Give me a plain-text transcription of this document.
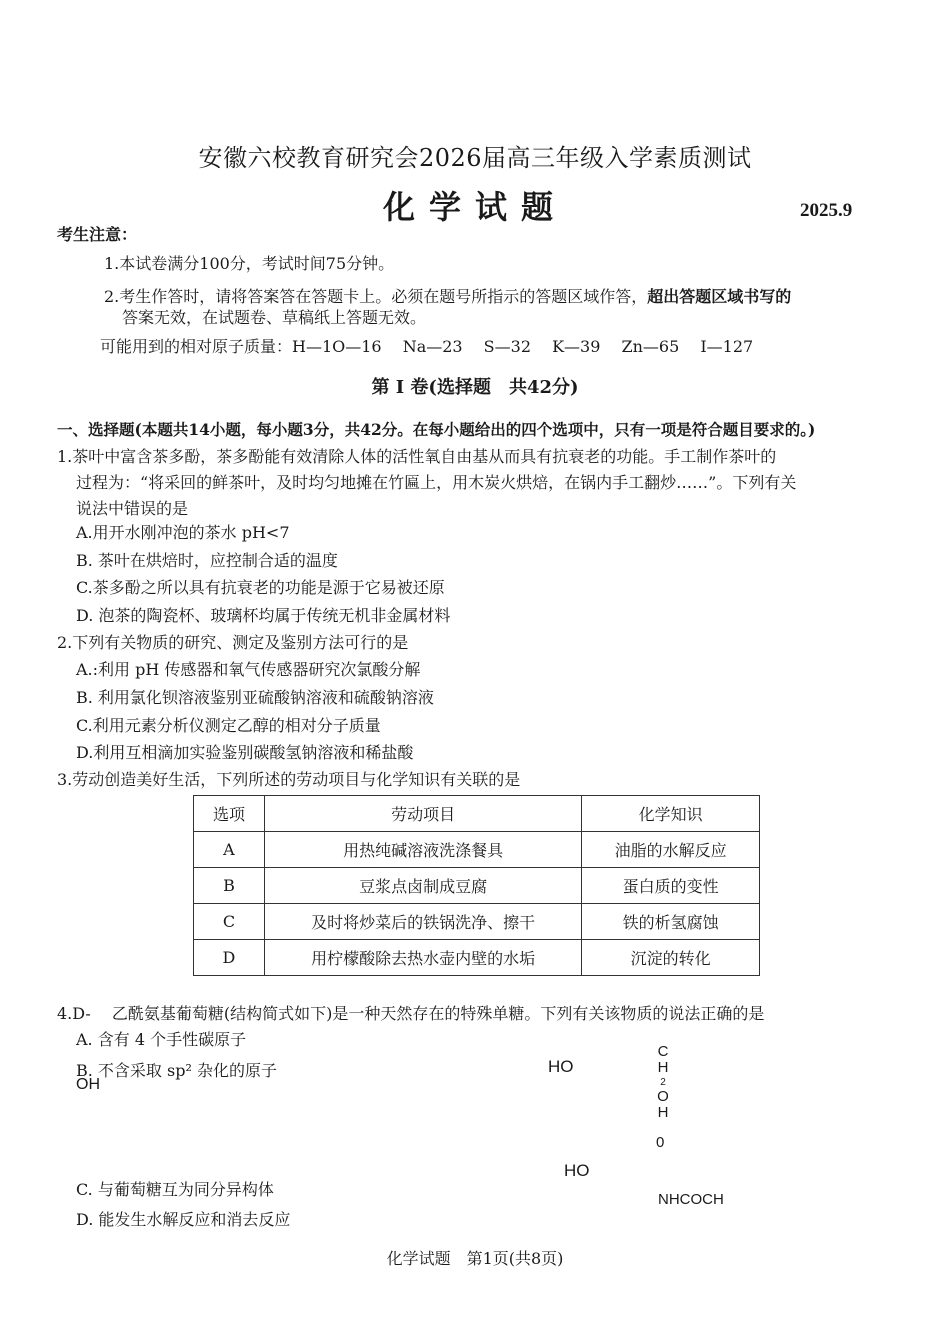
安徽六校教育研究会2026届高三年级入学素质测试
化学试题	2025.9
考生注意：
1.本试卷满分100分，考试时间75分钟。
2.考生作答时，请将答案答在答题卡上。必须在题号所指示的答题区域作答，超出答题区域书写的
答案无效，在试题卷、草稿纸上答题无效。
可能用到的相对原子质量：H—1O—16　 Na—23　 S—32　 K—39　 Zn—65　 I—127
第 I 卷(选择题　共42分)
一、选择题(本题共14小题，每小题3分，共42分。在每小题给出的四个选项中，只有一项是符合题目要求的。)
1.茶叶中富含茶多酚，茶多酚能有效清除人体的活性氧自由基从而具有抗衰老的功能。手工制作茶叶的
过程为：“将采回的鲜茶叶，及时均匀地摊在竹匾上，用木炭火烘焙，在锅内手工翻炒……”。下列有关
说法中错误的是
A.用开水刚冲泡的茶水 pH<7
B. 茶叶在烘焙时，应控制合适的温度
C.茶多酚之所以具有抗衰老的功能是源于它易被还原
D. 泡茶的陶瓷杯、玻璃杯均属于传统无机非金属材料
2.下列有关物质的研究、测定及鉴别方法可行的是
A.:利用 pH 传感器和氧气传感器研究次氯酸分解
B. 利用氯化钡溶液鉴别亚硫酸钠溶液和硫酸钠溶液
C.利用元素分析仪测定乙醇的相对分子质量
D.利用互相滴加实验鉴别碳酸氢钠溶液和稀盐酸
3.劳动创造美好生活，下列所述的劳动项目与化学知识有关联的是
选项	劳动项目	化学知识
A	用热纯碱溶液洗涤餐具	油脂的水解反应
B	豆浆点卤制成豆腐	蛋白质的变性
C	及时将炒菜后的铁锅洗净、擦干	铁的析氢腐蚀
D	用柠檬酸除去热水壶内壁的水垢	沉淀的转化
4.D-　 乙酰氨基葡萄糖(结构简式如下)是一种天然存在的特殊单糖。下列有关该物质的说法正确的是
A. 含有 4 个手性碳原子
B. 不含采取 sp² 杂化的原子
OH
C. 与葡萄糖互为同分异构体
D. 能发生水解反应和消去反应
HO
C
H
2
O
H
0
HO
NHCOCH
化学试题　第1页(共8页)
